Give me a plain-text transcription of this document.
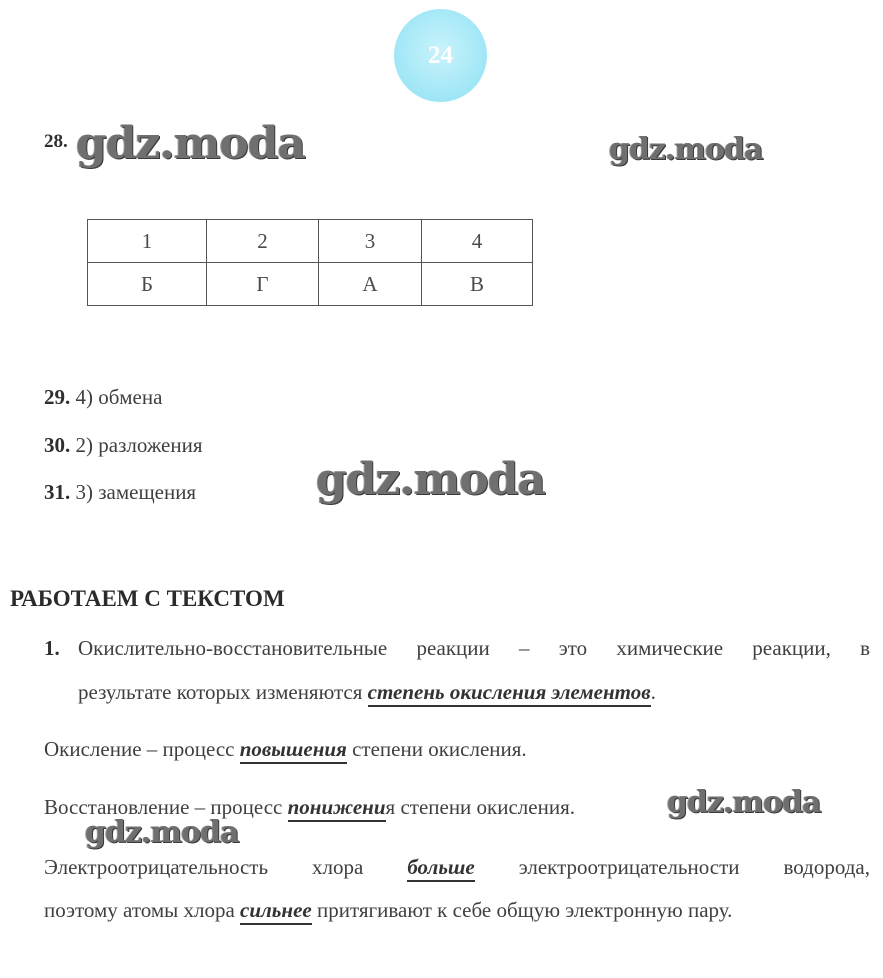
24
gdz.moda	gdz.moda
gdz.moda
gdz.moda
gdz.moda
28.
1	2	3	4
Б	Г	А	В
29. 4) обмена
30. 2) разложения
31. 3) замещения
РАБОТАЕМ С ТЕКСТОМ
1. Окислительно-восстановительные реакции – это химические реакции, в
результате которых изменяются степень окисления элементов.
Окисление – процесс повышения степени окисления.
Восстановление – процесс понижения степени окисления.
Электроотрицательность хлора больше электроотрицательности водорода,
поэтому атомы хлора сильнее притягивают к себе общую электронную пару.
